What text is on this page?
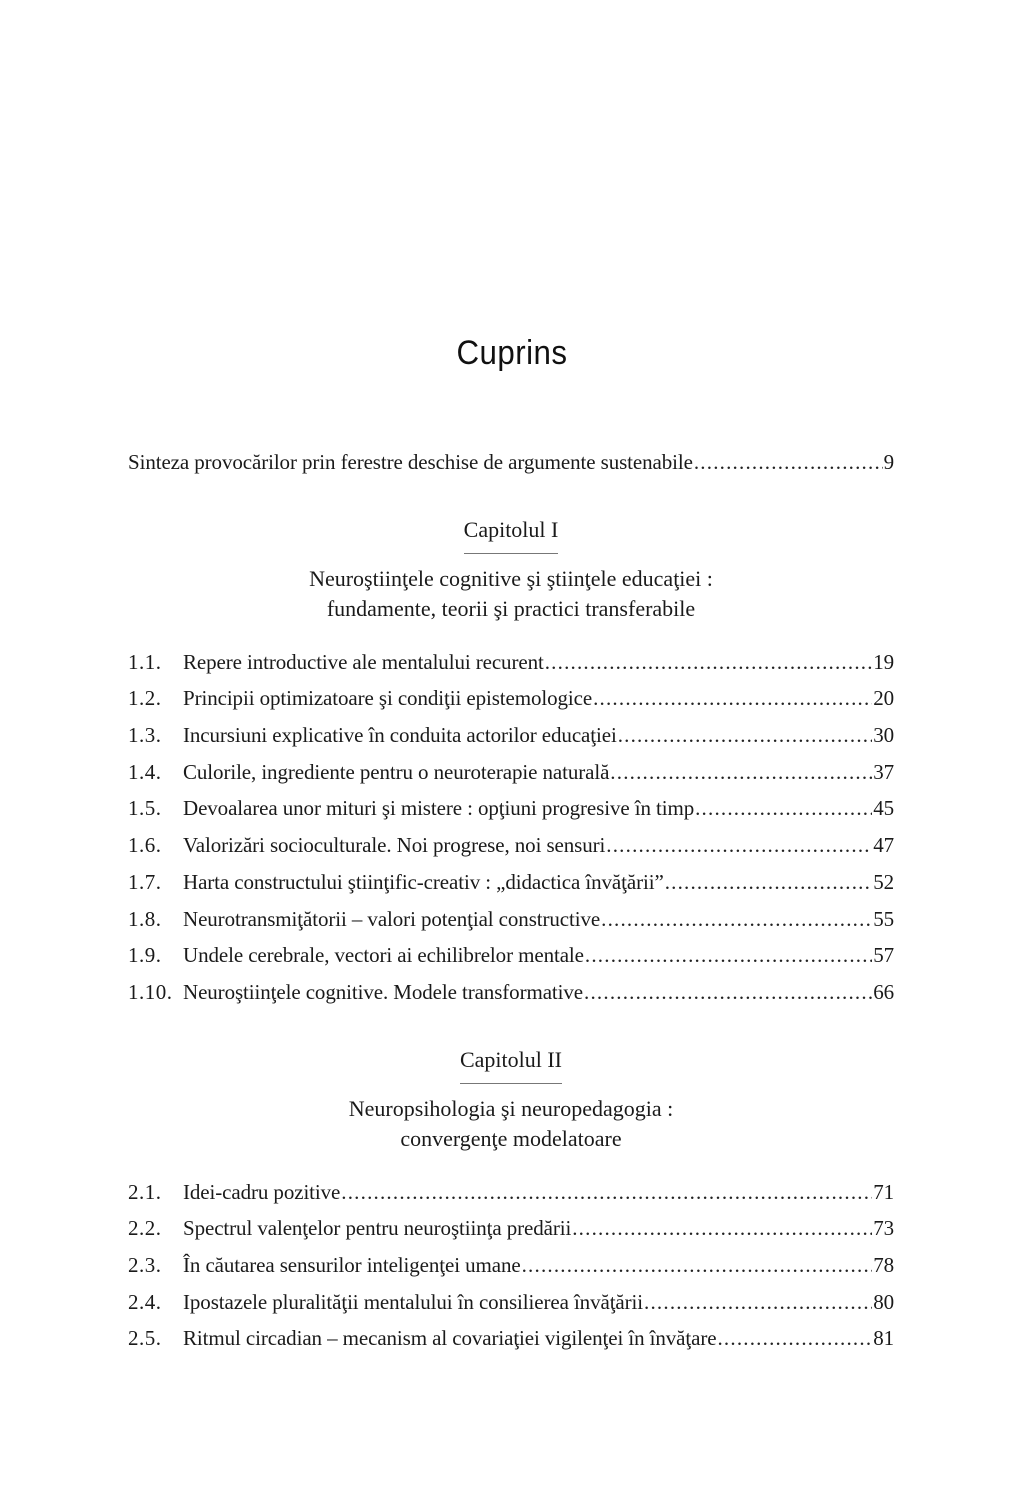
Cuprins
Sinteza provocărilor prin ferestre deschise de argumente sustenabile .....	9
Capitolul I
Neuroştiinţele cognitive şi ştiinţele educaţiei :
fundamente, teorii şi practici transferabile
1.1.	Repere introductive ale mentalului recurent .....	19
1.2.	Principii optimizatoare şi condiţii epistemologice .....	20
1.3.	Incursiuni explicative în conduita actorilor educaţiei .....	30
1.4.	Culorile, ingrediente pentru o neuroterapie naturală .....	37
1.5.	Devoalarea unor mituri şi mistere : opţiuni progresive în timp .....	45
1.6.	Valorizări socioculturale. Noi progrese, noi sensuri .....	47
1.7.	Harta constructului ştiinţific-creativ : „didactica învăţării” .....	52
1.8.	Neurotransmiţătorii – valori potenţial constructive .....	55
1.9.	Undele cerebrale, vectori ai echilibrelor mentale .....	57
1.10. Neuroştiinţele cognitive. Modele transformative .....	66
Capitolul II
Neuropsihologia şi neuropedagogia :
convergenţe modelatoare
2.1.	Idei-cadru pozitive .....	71
2.2.	Spectrul valenţelor pentru neuroştiinţa predării .....	73
2.3.	În căutarea sensurilor inteligenţei umane .....	78
2.4.	Ipostazele pluralităţii mentalului în consilierea învăţării .....	80
2.5.	Ritmul circadian – mecanism al covariaţiei vigilenţei în învăţare .....	81
